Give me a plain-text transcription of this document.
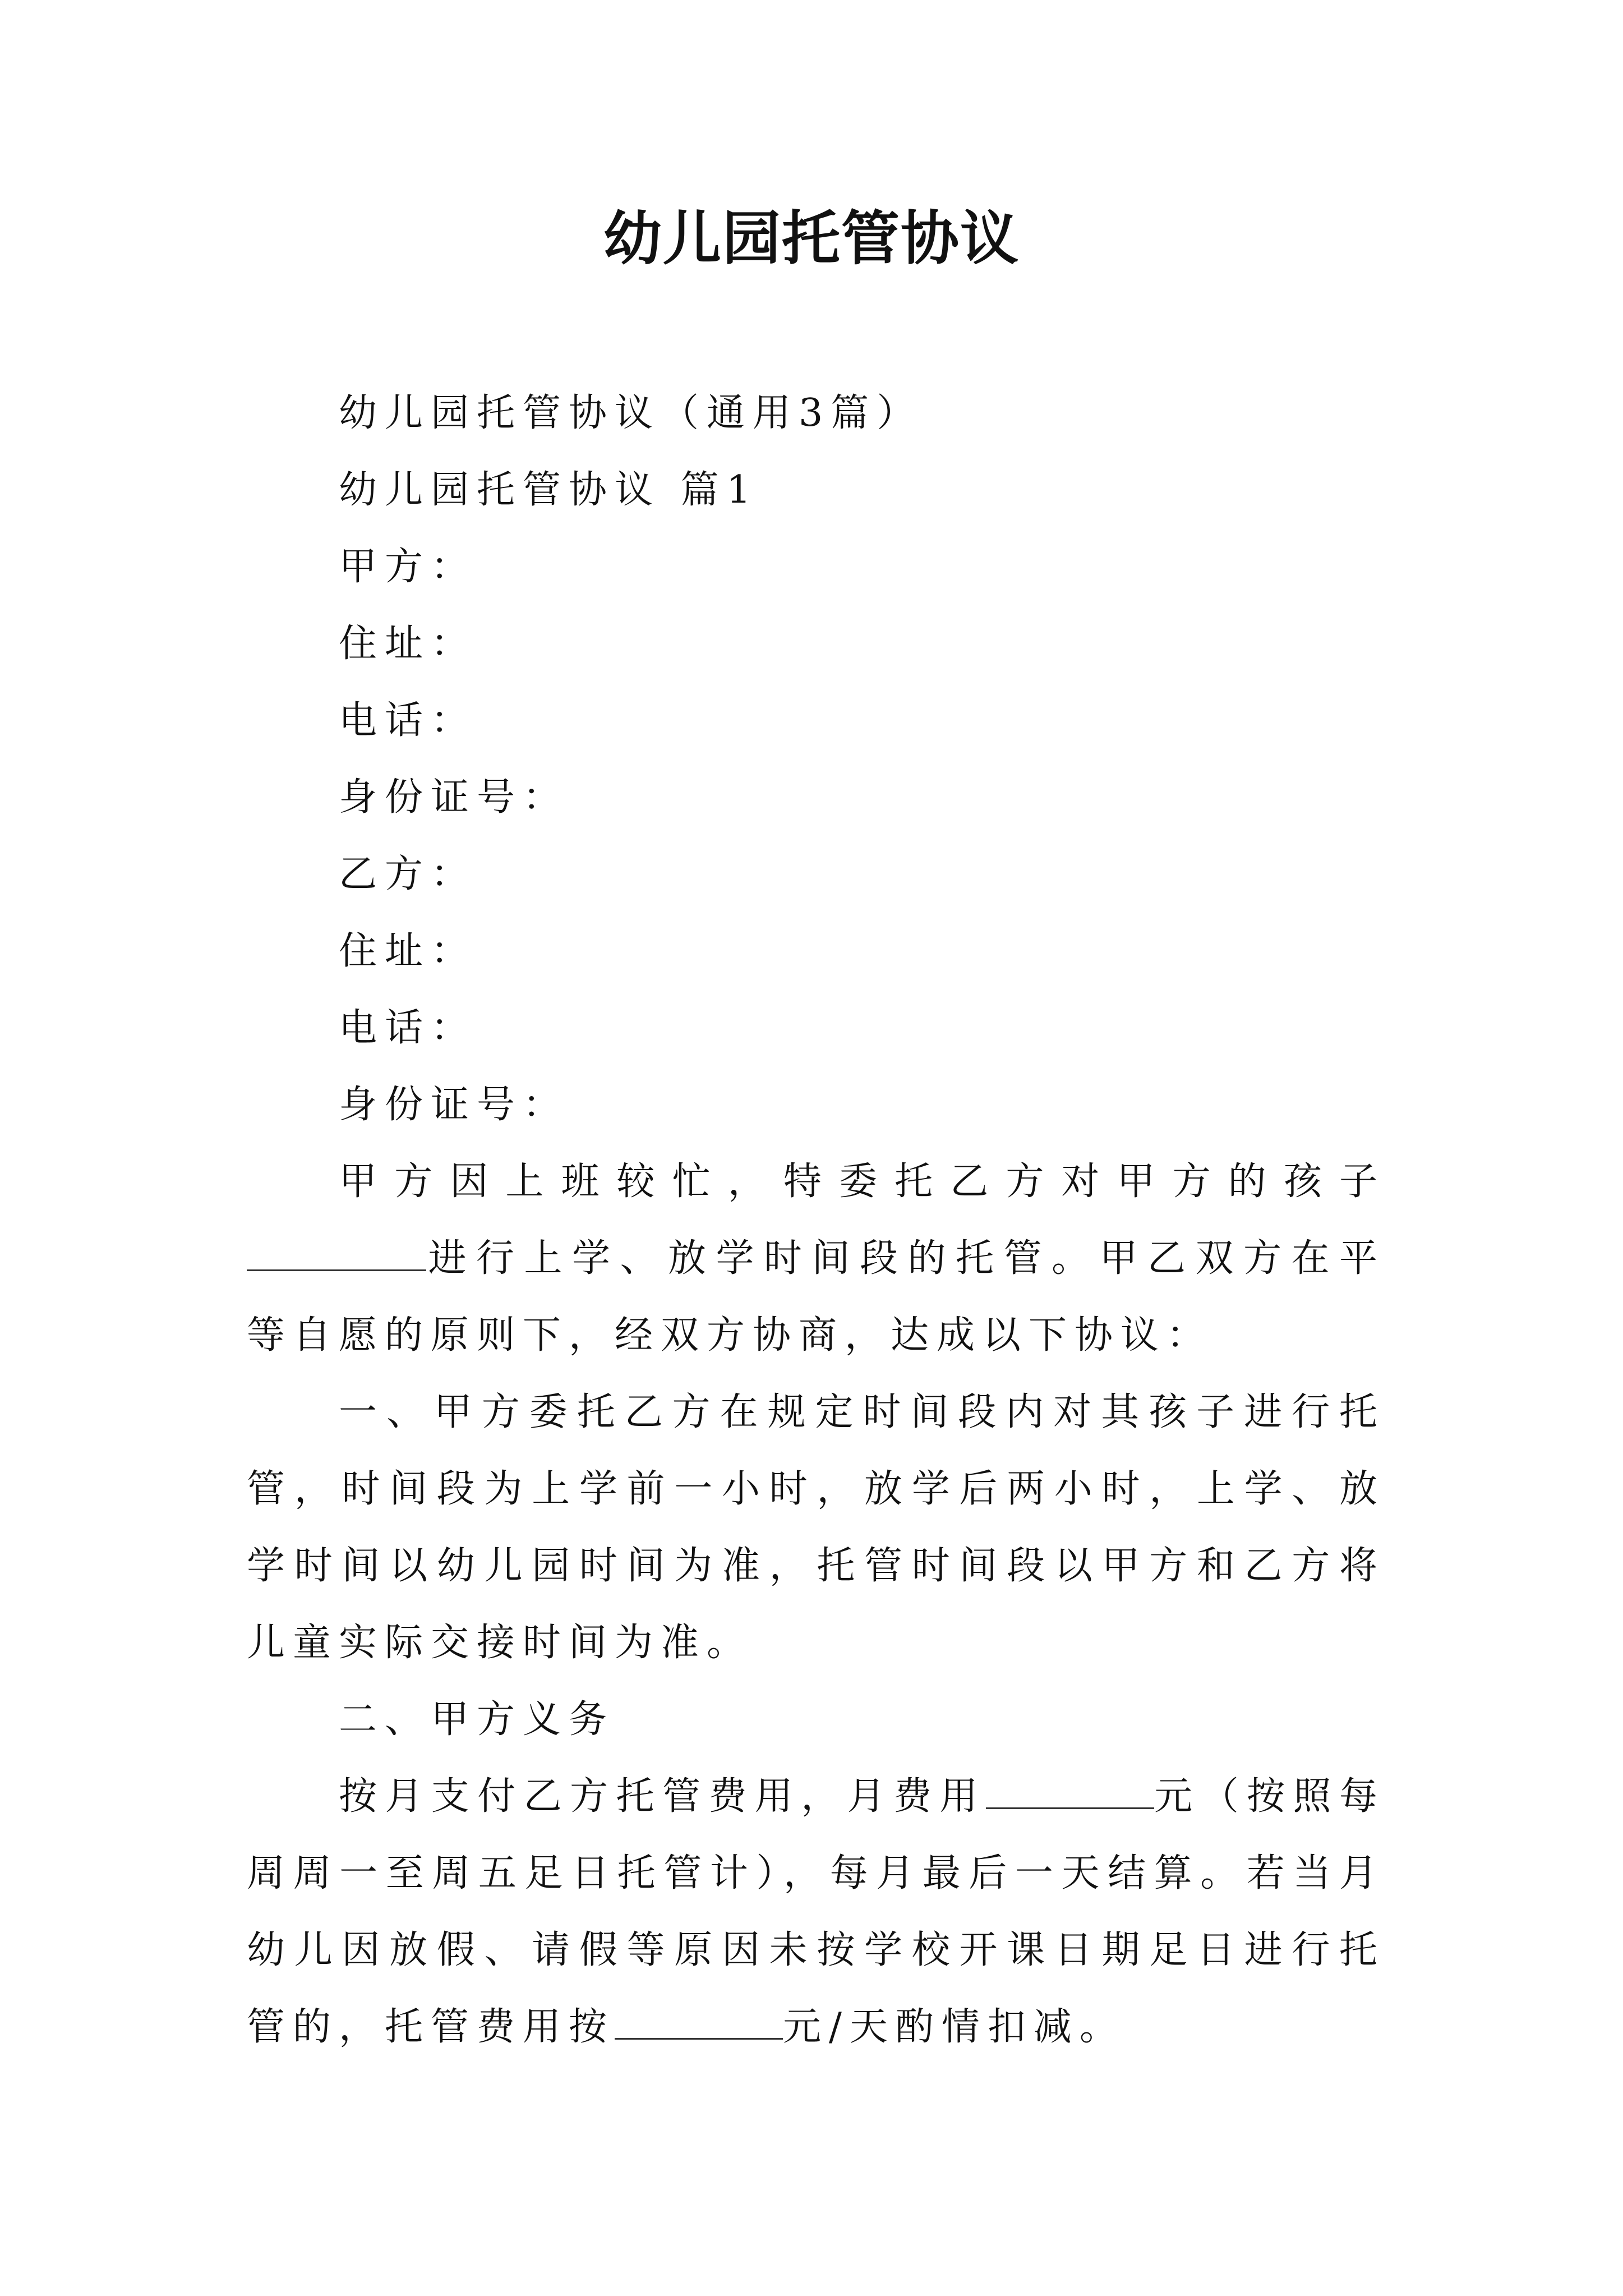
幼儿园托管协议
幼儿园托管协议（通用3篇）
幼儿园托管协议 篇1
甲方：
住址：
电话：
身份证号：
乙方：
住址：
电话：
身份证号：

甲方因上班较忙，特委托乙方对甲方的孩子进行上学、放学时间段的托管。甲乙双方在平等自愿的原则下，经双方协商，达成以下协议：

一、甲方委托乙方在规定时间段内对其孩子进行托管，时间段为上学前一小时，放学后两小时，上学、放学时间以幼儿园时间为准，托管时间段以甲方和乙方将儿童实际交接时间为准。

二、甲方义务

按月支付乙方托管费用，月费用	元（按照每周周一至周五足日托管计），每月最后一天结算。若当月幼儿因放假、请假等原因未按学校开课日期足日进行托管的，托管费用按	元/天酌情扣减。
